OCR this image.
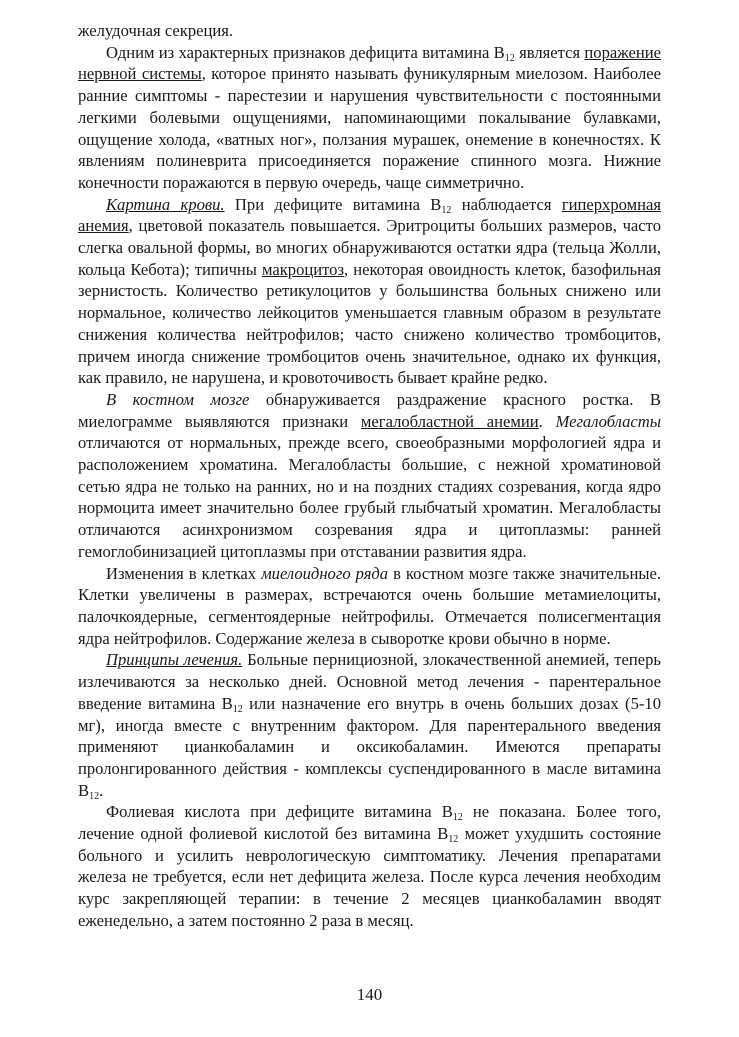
желудочная секреция.

Одним из характерных признаков дефицита витамина $B_{12}$ является поражение нервной системы, которое принято называть фуникулярным миелозом. Наиболее ранние симптомы - парестезии и нарушения чувствительности с постоянными легкими болевыми ощущениями, напоминающими покалывание булавками, ощущение холода, «ватных ног», ползания мурашек, онемение в конечностях. К явлениям полиневрита присоединяется поражение спинного мозга. Нижние конечности поражаются в первую очередь, чаще симметрично.

Картина крови. При дефиците витамина $B_{12}$ наблюдается гиперхромная анемия, цветовой показатель повышается. Эритроциты больших размеров, часто слегка овальной формы, во многих обнаруживаются остатки ядра (тельца Жолли, кольца Кебота); типичны макроцитоз, некоторая овоидность клеток, базофильная зернистость. Количество ретикулоцитов у большинства больных снижено или нормальное, количество лейкоцитов уменьшается главным образом в результате снижения количества нейтрофилов; часто снижено количество тромбоцитов, причем иногда снижение тромбоцитов очень значительное, однако их функция, как правило, не нарушена, и кровоточивость бывает крайне редко.

В костном мозге обнаруживается раздражение красного ростка. В миелограмме выявляются признаки мегалобластной анемии. Мегалобласты отличаются от нормальных, прежде всего, своеобразными морфологией ядра и расположением хроматина. Мегалобласты большие, с нежной хроматиновой сетью ядра не только на ранних, но и на поздних стадиях созревания, когда ядро нормоцита имеет значительно более грубый глыбчатый хроматин. Мегалобласты отличаются асинхронизмом созревания ядра и цитоплазмы: ранней гемоглобинизацией цитоплазмы при отставании развития ядра.

Изменения в клетках миелоидного ряда в костном мозге также значительные. Клетки увеличены в размерах, встречаются очень большие метамиелоциты, палочкоядерные, сегментоядерные нейтрофилы. Отмечается полисегментация ядра нейтрофилов. Содержание железа в сыворотке крови обычно в норме.

Принципы лечения. Больные пернициозной, злокачественной анемией, теперь излечиваются за несколько дней. Основной метод лечения - парентеральное введение витамина $B_{12}$ или назначение его внутрь в очень больших дозах (5-10 мг), иногда вместе с внутренним фактором. Для парентерального введения применяют цианкобаламин и оксикобаламин. Имеются препараты пролонгированного действия - комплексы суспендированного в масле витамина $B_{12}$.

Фолиевая кислота при дефиците витамина $B_{12}$ не показана. Более того, лечение одной фолиевой кислотой без витамина $B_{12}$ может ухудшить состояние больного и усилить неврологическую симптоматику. Лечения препаратами железа не требуется, если нет дефицита железа. После курса лечения необходим курс закрепляющей терапии: в течение 2 месяцев цианкобаламин вводят еженедельно, а затем постоянно 2 раза в месяц.

140
